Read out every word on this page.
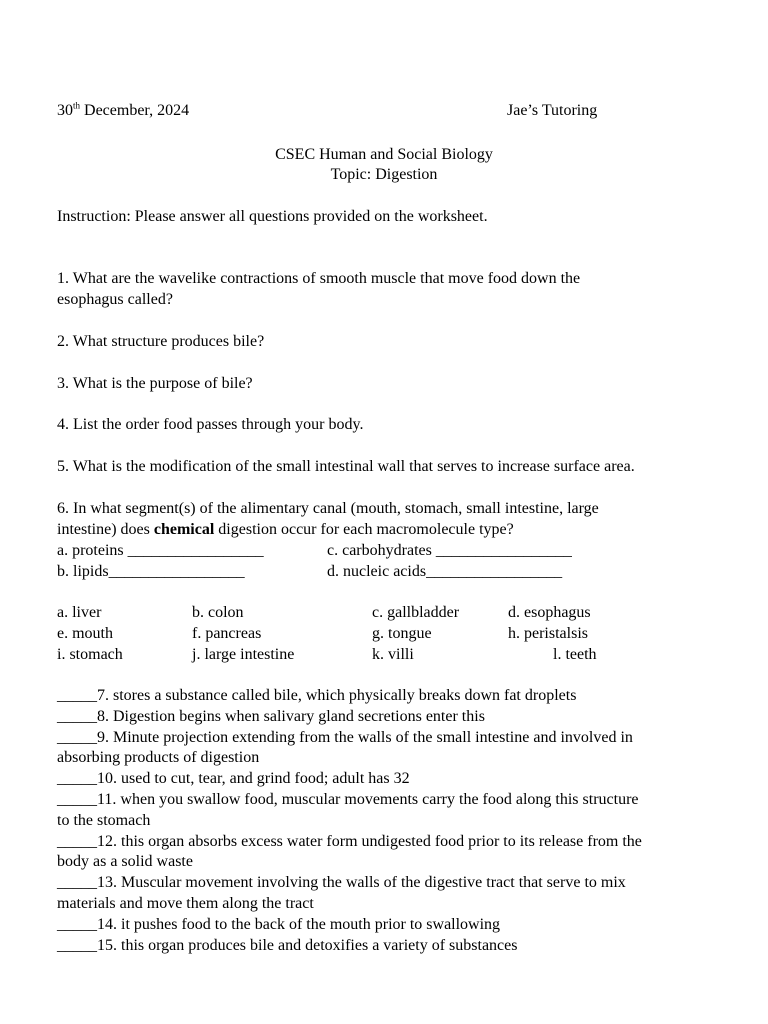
30th December, 2024	Jae’s Tutoring
CSEC Human and Social Biology
Topic: Digestion
Instruction: Please answer all questions provided on the worksheet.
1. What are the wavelike contractions of smooth muscle that move food down the
esophagus called?
2. What structure produces bile?
3. What is the purpose of bile?
4. List the order food passes through your body.
5. What is the modification of the small intestinal wall that serves to increase surface area.
6. In what segment(s) of the alimentary canal (mouth, stomach, small intestine, large
intestine) does chemical digestion occur for each macromolecule type?
a. proteins _________________	c. carbohydrates _________________
b. lipids_________________	d. nucleic acids_________________
a. liver	b. colon	c. gallbladder	d. esophagus
e. mouth	f. pancreas	g. tongue	h. peristalsis
i. stomach	j. large intestine	k. villi	l. teeth
_____7. stores a substance called bile, which physically breaks down fat droplets
_____8. Digestion begins when salivary gland secretions enter this
_____9. Minute projection extending from the walls of the small intestine and involved in
absorbing products of digestion
_____10. used to cut, tear, and grind food; adult has 32
_____11. when you swallow food, muscular movements carry the food along this structure
to the stomach
_____12. this organ absorbs excess water form undigested food prior to its release from the
body as a solid waste
_____13. Muscular movement involving the walls of the digestive tract that serve to mix
materials and move them along the tract
_____14. it pushes food to the back of the mouth prior to swallowing
_____15. this organ produces bile and detoxifies a variety of substances
